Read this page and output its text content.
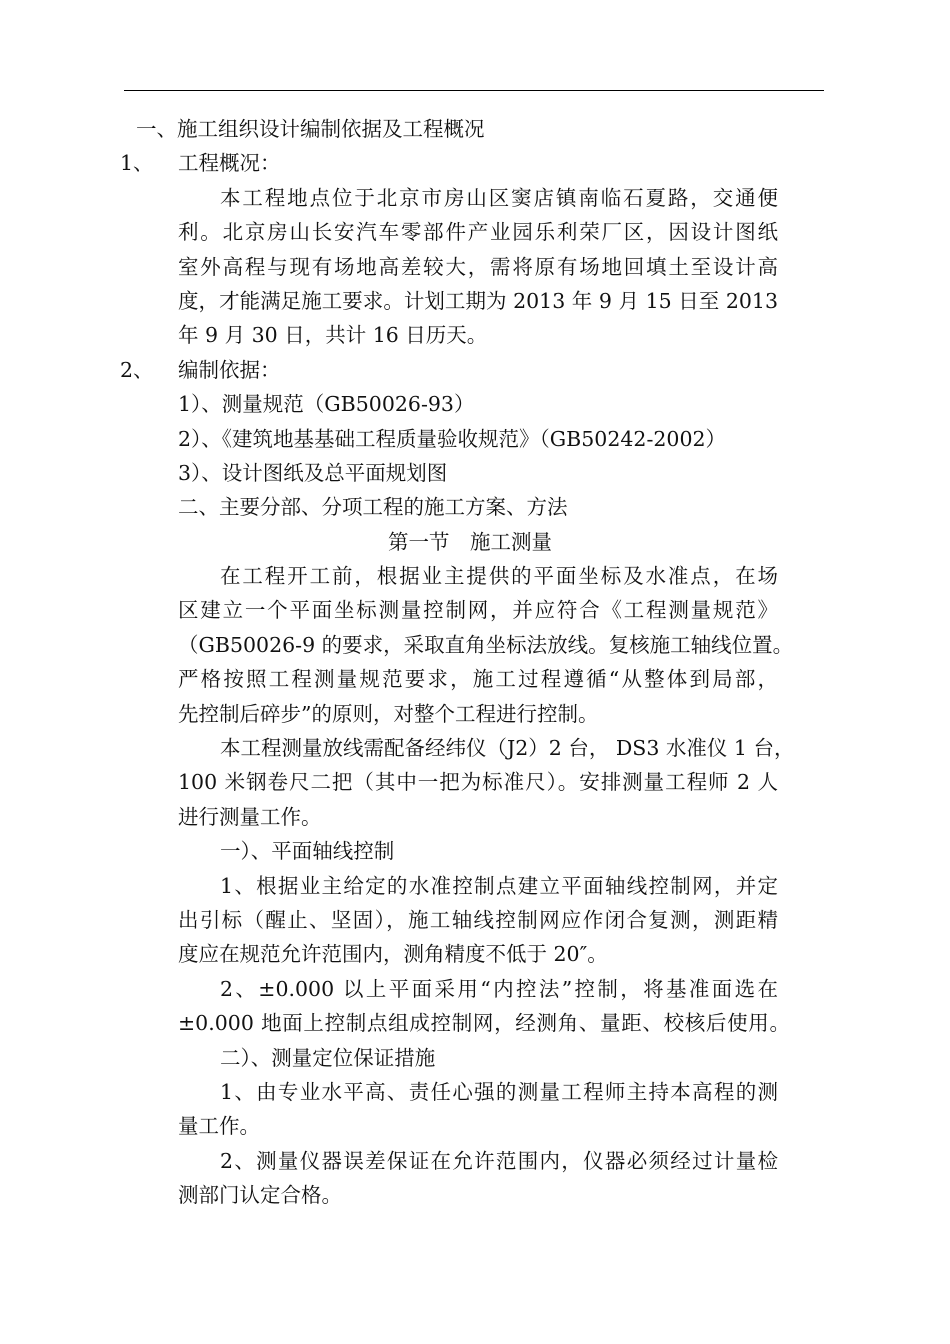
一、施工组织设计编制依据及工程概况
1、 工程概况：
本工程地点位于北京市房山区窦店镇南临石夏路，交通便
利。北京房山长安汽车零部件产业园乐利荣厂区，因设计图纸
室外高程与现有场地高差较大，需将原有场地回填土至设计高
度，才能满足施工要求。计划工期为 2013 年 9 月 15 日至 2013
年 9 月 30 日，共计 16 日历天。
2、 编制依据：
1）、测量规范（GB50026-93）
2）、《建筑地基基础工程质量验收规范》（GB50242-2002）
3）、设计图纸及总平面规划图
二、主要分部、分项工程的施工方案、方法
第一节　施工测量
在工程开工前，根据业主提供的平面坐标及水准点，在场
区建立一个平面坐标测量控制网，并应符合《工程测量规范》
（GB50026-9 的要求，采取直角坐标法放线。复核施工轴线位置。
严格按照工程测量规范要求，施工过程遵循“从整体到局部，
先控制后碎步”的原则，对整个工程进行控制。
本工程测量放线需配备经纬仪（J2）2 台， DS3 水准仪 1 台，
100 米钢卷尺二把（其中一把为标准尺）。安排测量工程师 2 人
进行测量工作。
一）、平面轴线控制
1、根据业主给定的水准控制点建立平面轴线控制网，并定
出引标（醒止、坚固），施工轴线控制网应作闭合复测，测距精
度应在规范允许范围内，测角精度不低于 20″。
2、±0.000 以上平面采用“内控法”控制，将基准面选在
±0.000 地面上控制点组成控制网，经测角、量距、校核后使用。
二）、测量定位保证措施
1、由专业水平高、责任心强的测量工程师主持本高程的测
量工作。
2、测量仪器误差保证在允许范围内，仪器必须经过计量检
测部门认定合格。
